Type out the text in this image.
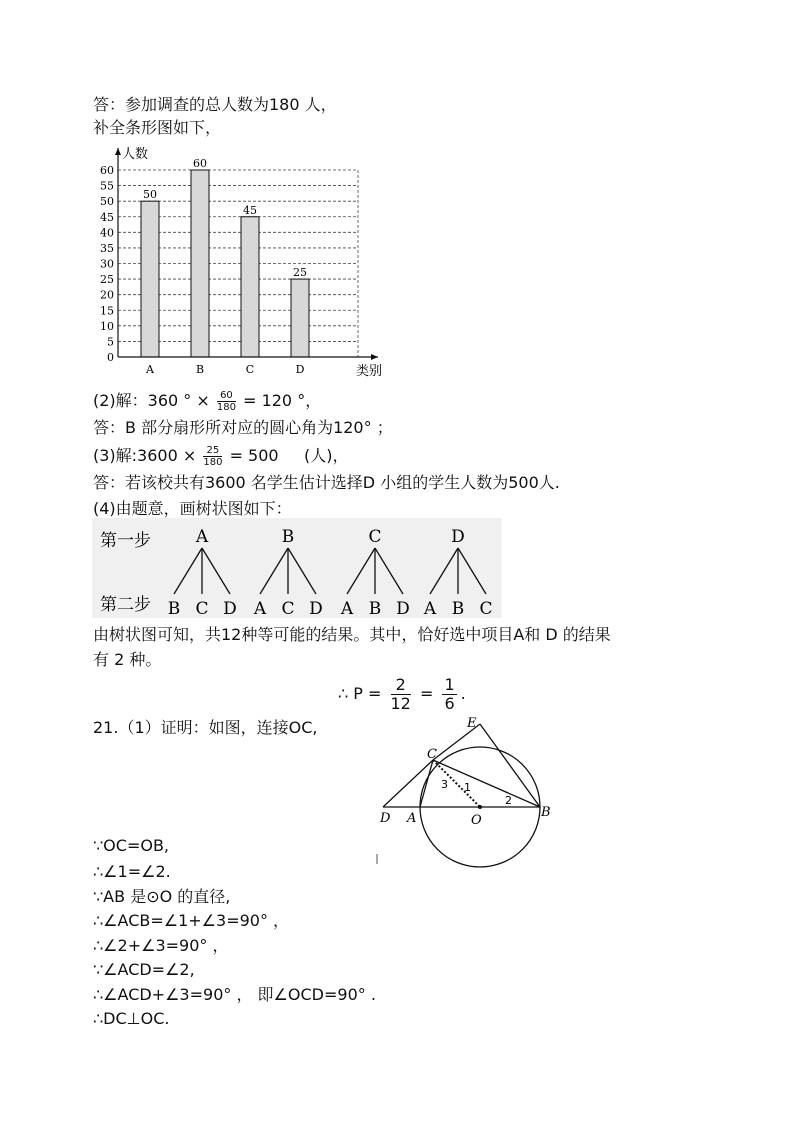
答：参加调查的总人数为180 人，
补全条形图如下，
0
5
10
15
20
25
30
35
40
45
50
55
60
50
A
60
B
45
C
25
D
人数
类别
(2)解：360 ° × $\frac{60}{180} = 120$ °，
答：B 部分扇形所对应的圆心角为120° ；
(3)解:3600 × $\frac{25}{180} = 500$     (人)，
答：若该校共有3600 名学生估计选择D 小组的学生人数为500人.
(4)由题意，画树状图如下：
第一步
第二步
A
B C D
B
A C D
C
A B D
D
A B C
由树状图可知，共12种等可能的结果。其中，恰好选中项目A和 D 的结果
有 2 种。
∴ $P = \frac{2}{12} = \frac{1}{6}$ .
21.（1）证明：如图，连接OC,	E
C
D A	O
B
1
2
3
∵OC=OB,
∴∠1=∠2.
∵AB 是⊙O 的直径,
∴∠ACB=∠1+∠3=90° ，
∴∠2+∠3=90° ，
∵∠ACD=∠2,
∴∠ACD+∠3=90° ， 即∠OCD=90° .
∴DC⊥OC.
